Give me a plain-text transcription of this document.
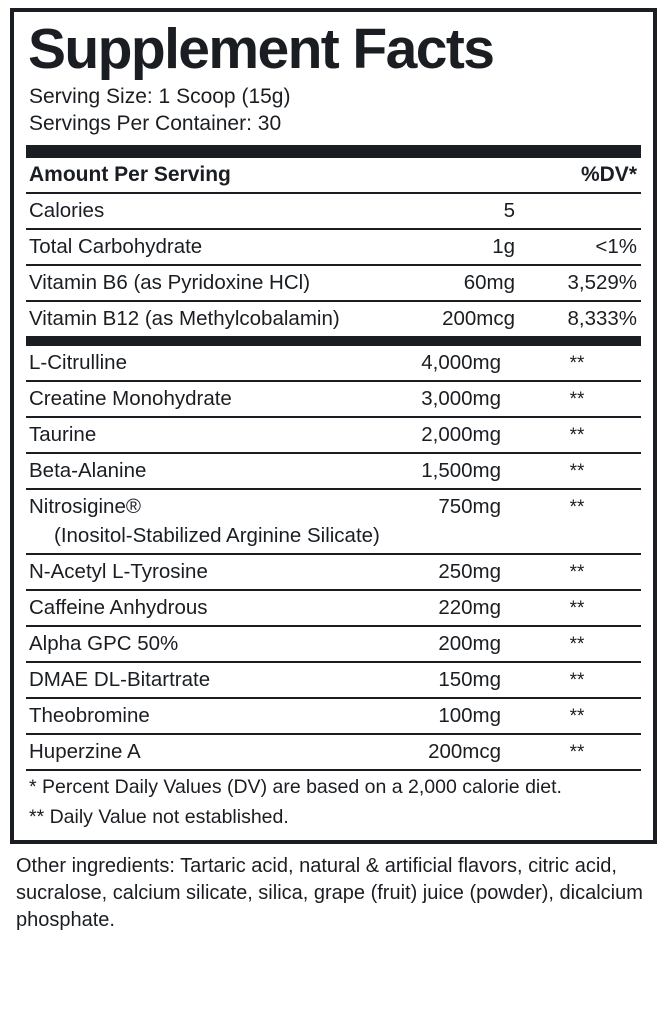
Supplement Facts
Serving Size: 1 Scoop (15g)
Servings Per Container: 30
Amount Per Serving		%DV*
Calories	5	
Total Carbohydrate	1g	<1%
Vitamin B6 (as Pyridoxine HCl)	60mg	3,529%
Vitamin B12 (as Methylcobalamin)	200mcg	8,333%
L-Citrulline	4,000mg	**
Creatine Monohydrate	3,000mg	**
Taurine	2,000mg	**
Beta-Alanine	1,500mg	**
Nitrosigine®	750mg	**
(Inositol-Stabilized Arginine Silicate)		
N-Acetyl L-Tyrosine	250mg	**
Caffeine Anhydrous	220mg	**
Alpha GPC 50%	200mg	**
DMAE DL-Bitartrate	150mg	**
Theobromine	100mg	**
Huperzine A	200mcg	**
* Percent Daily Values (DV) are based on a 2,000 calorie diet.
** Daily Value not established.
Other ingredients: Tartaric acid, natural & artificial flavors, citric acid, sucralose, calcium silicate, silica, grape (fruit) juice (powder), dicalcium phosphate.
